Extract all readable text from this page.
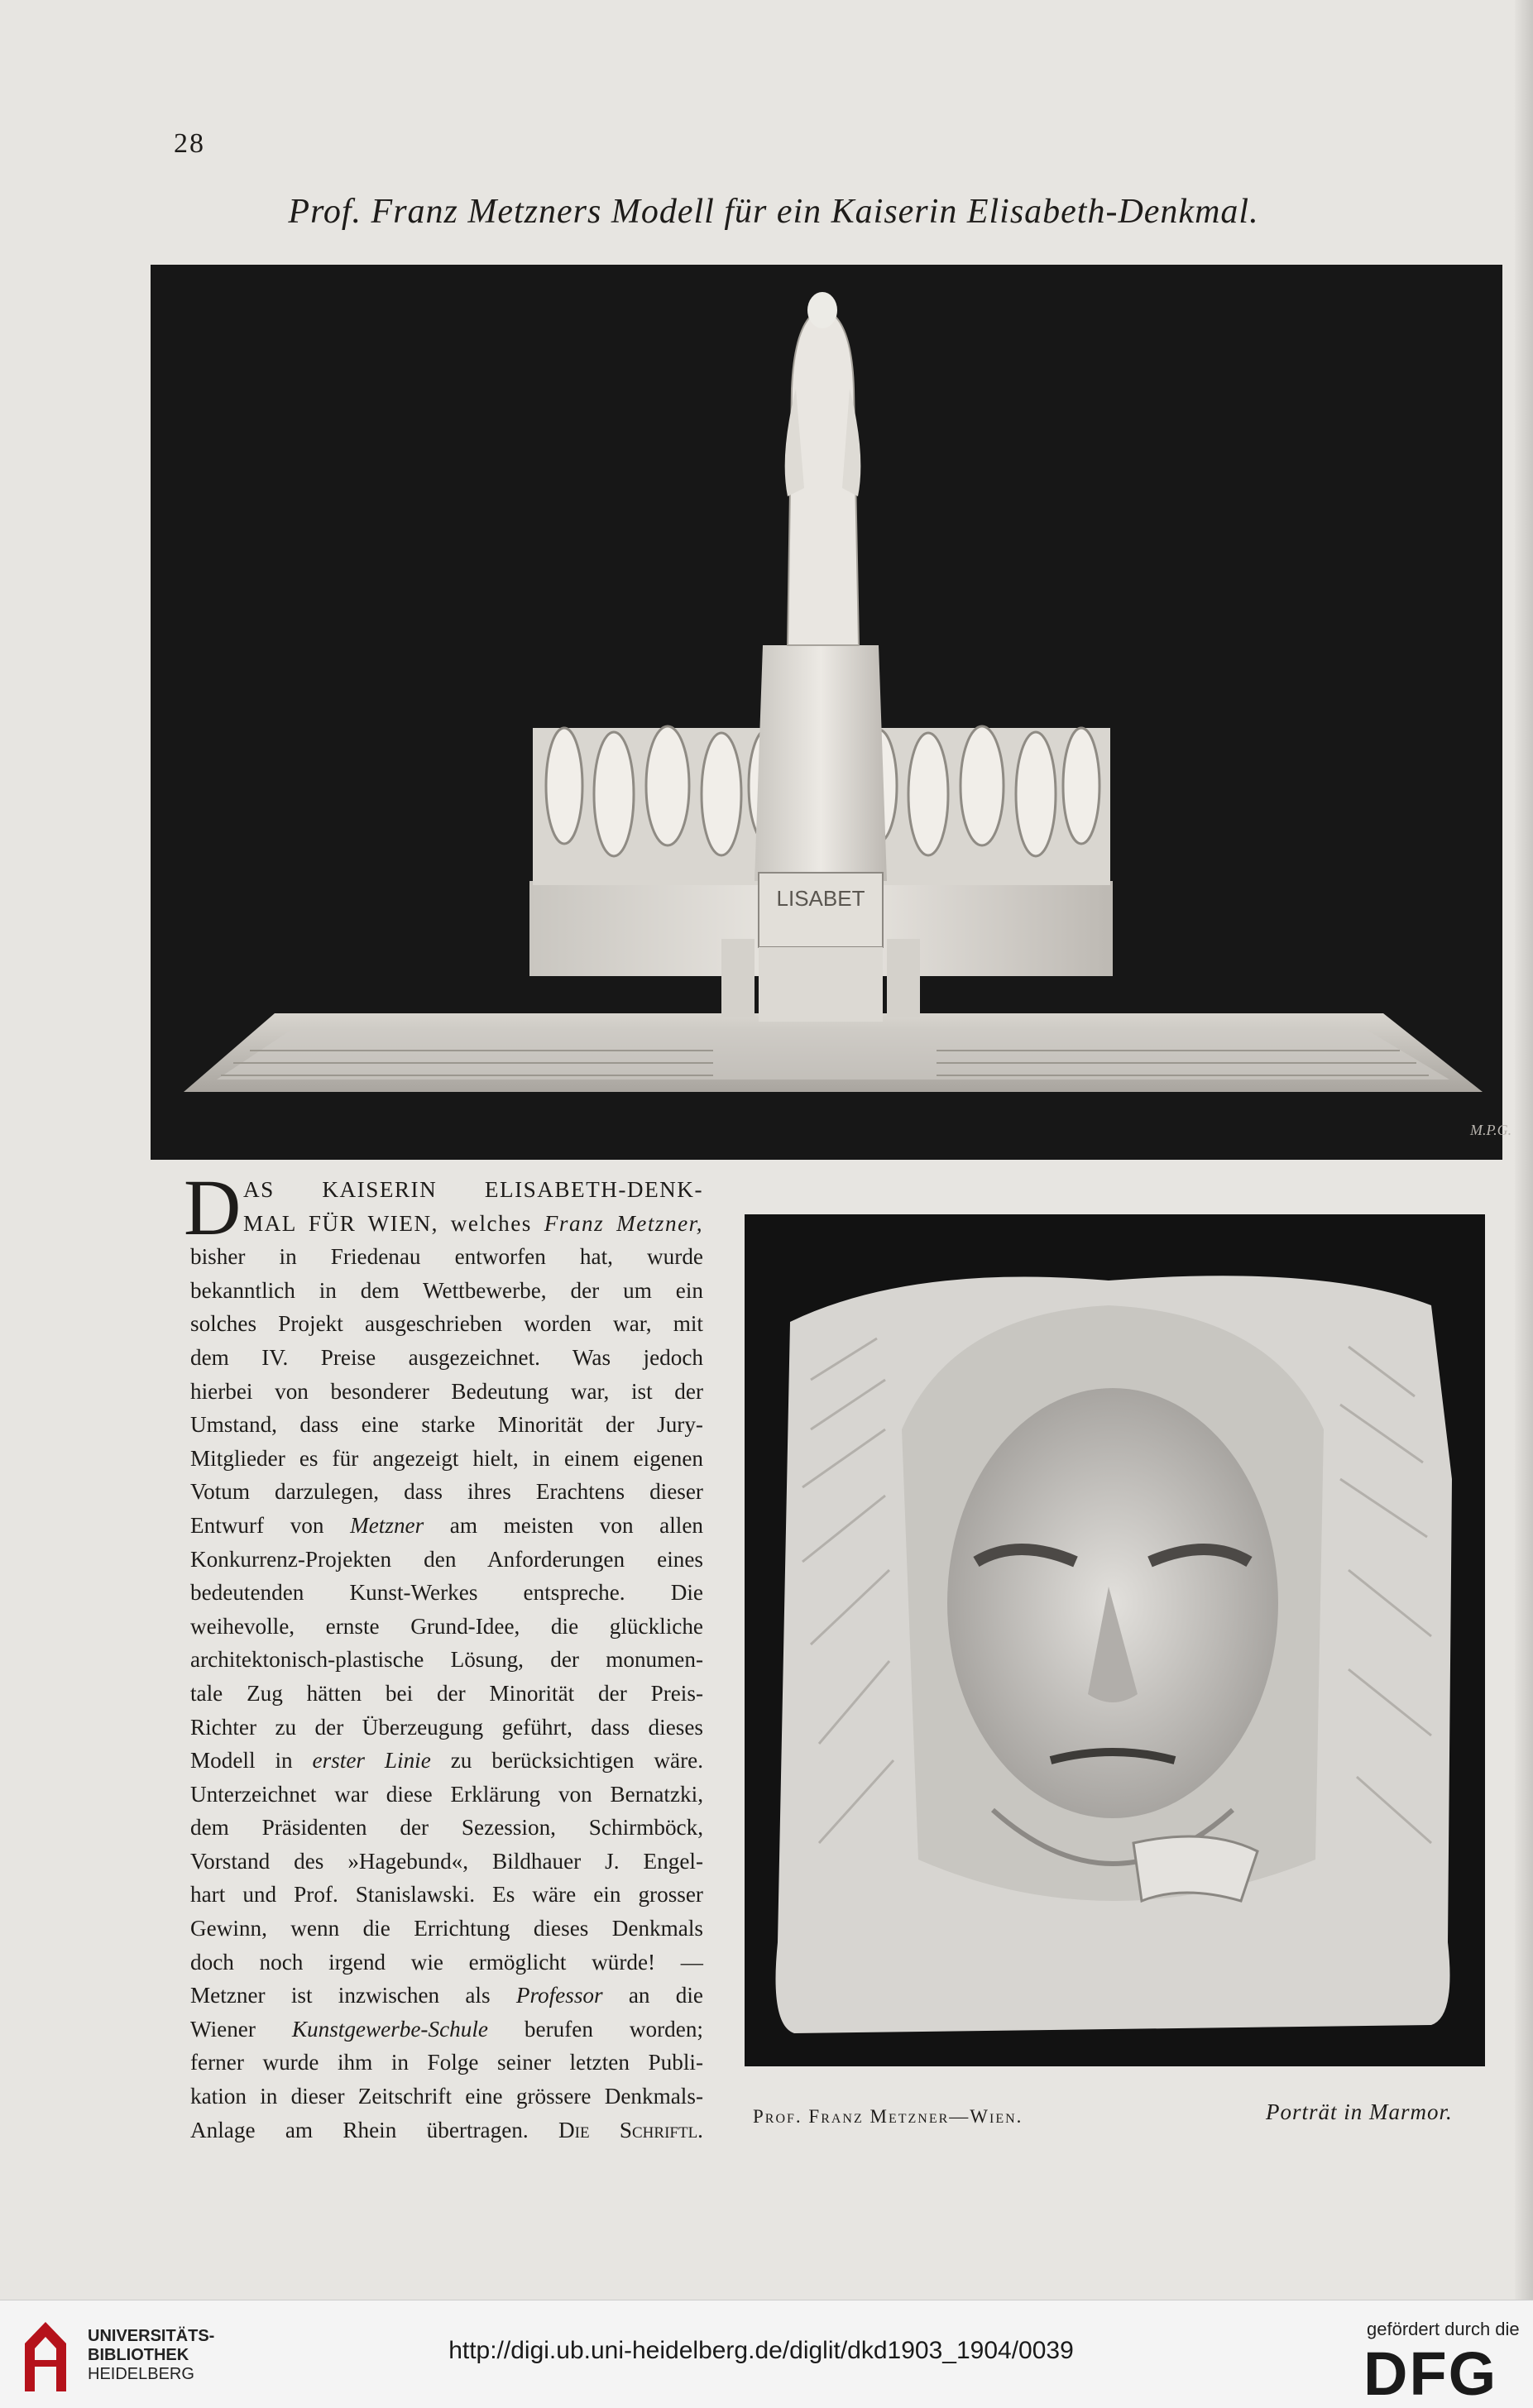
28
Prof. Franz Metzners Modell für ein Kaiserin Elisabeth-Denkmal.
LISABET
M.P.G.
D AS KAISERIN ELISABETH-DENK-
MAL FÜR WIEN, welches Franz Metzner,
bisher in Friedenau entworfen hat, wurde
bekanntlich in dem Wettbewerbe, der um ein
solches Projekt ausgeschrieben worden war, mit
dem IV. Preise ausgezeichnet. Was jedoch
hierbei von besonderer Bedeutung war, ist der
Umstand, dass eine starke Minorität der Jury-
Mitglieder es für angezeigt hielt, in einem eigenen
Votum darzulegen, dass ihres Erachtens dieser
Entwurf von Metzner am meisten von allen
Konkurrenz-Projekten den Anforderungen eines
bedeutenden Kunst-Werkes entspreche. Die
weihevolle, ernste Grund-Idee, die glückliche
architektonisch-plastische Lösung, der monumen-
tale Zug hätten bei der Minorität der Preis-
Richter zu der Überzeugung geführt, dass dieses
Modell in erster Linie zu berücksichtigen wäre.
Unterzeichnet war diese Erklärung von Bernatzki,
dem Präsidenten der Sezession, Schirmböck,
Vorstand des »Hagebund«, Bildhauer J. Engel-
hart und Prof. Stanislawski. Es wäre ein grosser
Gewinn, wenn die Errichtung dieses Denkmals
doch noch irgend wie ermöglicht würde! —
Metzner ist inzwischen als Professor an die
Wiener Kunstgewerbe-Schule berufen worden;
ferner wurde ihm in Folge seiner letzten Publi-
kation in dieser Zeitschrift eine grössere Denkmals-
Anlage am Rhein übertragen. Die Schriftl.
Prof. Franz Metzner—Wien.	Porträt in Marmor.
UNIVERSITÄTS-
BIBLIOTHEK
HEIDELBERG
http://digi.ub.uni-heidelberg.de/diglit/dkd1903_1904/0039
gefördert durch die
DFG
